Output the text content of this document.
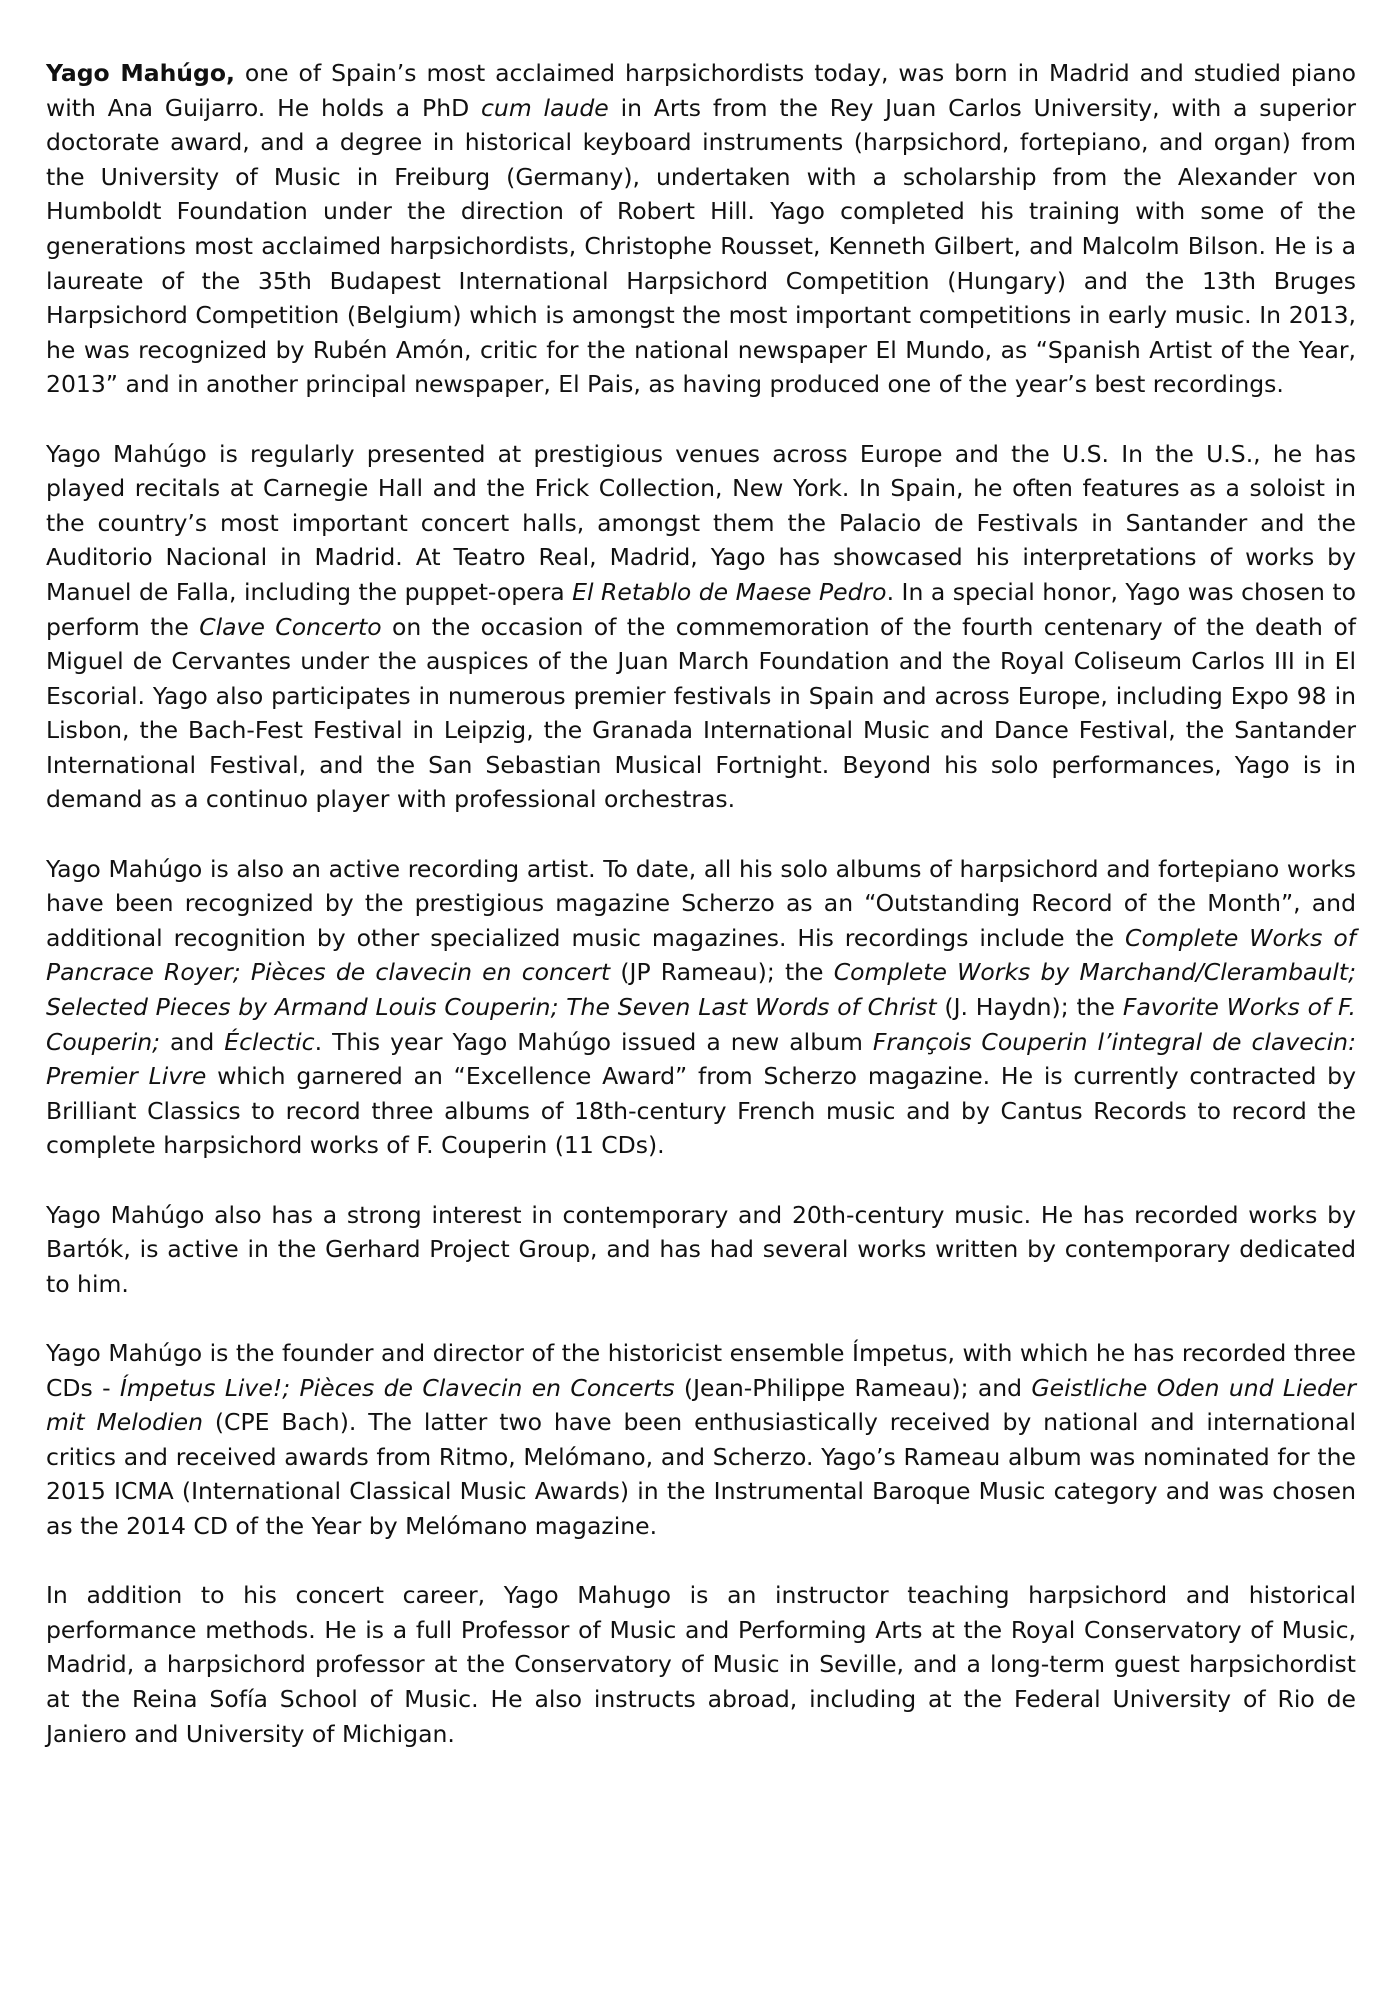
Yago Mahúgo, one of Spain’s most acclaimed harpsichordists today, was born in Madrid and studied piano with Ana Guijarro. He holds a PhD cum laude in Arts from the Rey Juan Carlos University, with a superior doctorate award, and a degree in historical keyboard instruments (harpsichord, fortepiano, and organ) from the University of Music in Freiburg (Germany), undertaken with a scholarship from the Alexander von Humboldt Foundation under the direction of Robert Hill. Yago completed his training with some of the generations most acclaimed harpsichordists, Christophe Rousset, Kenneth Gilbert, and Malcolm Bilson. He is a laureate of the 35th Budapest International Harpsichord Competition (Hungary) and the 13th Bruges Harpsichord Competition (Belgium) which is amongst the most important competitions in early music. In 2013, he was recognized by Rubén Amón, critic for the national newspaper El Mundo, as “Spanish Artist of the Year, 2013” and in another principal newspaper, El Pais, as having produced one of the year’s best recordings.

Yago Mahúgo is regularly presented at prestigious venues across Europe and the U.S. In the U.S., he has played recitals at Carnegie Hall and the Frick Collection, New York. In Spain, he often features as a soloist in the country’s most important concert halls, amongst them the Palacio de Festivals in Santander and the Auditorio Nacional in Madrid. At Teatro Real, Madrid, Yago has showcased his interpretations of works by Manuel de Falla, including the puppet-opera El Retablo de Maese Pedro. In a special honor, Yago was chosen to perform the Clave Concerto on the occasion of the commemoration of the fourth centenary of the death of Miguel de Cervantes under the auspices of the Juan March Foundation and the Royal Coliseum Carlos III in El Escorial. Yago also participates in numerous premier festivals in Spain and across Europe, including Expo 98 in Lisbon, the Bach-Fest Festival in Leipzig, the Granada International Music and Dance Festival, the Santander International Festival, and the San Sebastian Musical Fortnight. Beyond his solo performances, Yago is in demand as a continuo player with professional orchestras.

Yago Mahúgo is also an active recording artist. To date, all his solo albums of harpsichord and fortepiano works have been recognized by the prestigious magazine Scherzo as an “Outstanding Record of the Month”, and additional recognition by other specialized music magazines. His recordings include the Complete Works of Pancrace Royer; Pièces de clavecin en concert (JP Rameau); the Complete Works by Marchand/Clerambault; Selected Pieces by Armand Louis Couperin; The Seven Last Words of Christ (J. Haydn); the Favorite Works of F. Couperin; and Éclectic. This year Yago Mahúgo issued a new album François Couperin l’integral de clavecin: Premier Livre which garnered an “Excellence Award” from Scherzo magazine. He is currently contracted by Brilliant Classics to record three albums of 18th-century French music and by Cantus Records to record the complete harpsichord works of F. Couperin (11 CDs).

Yago Mahúgo also has a strong interest in contemporary and 20th-century music. He has recorded works by Bartók, is active in the Gerhard Project Group, and has had several works written by contemporary dedicated to him.

Yago Mahúgo is the founder and director of the historicist ensemble Ímpetus, with which he has recorded three CDs - Ímpetus Live!; Pièces de Clavecin en Concerts (Jean-Philippe Rameau); and Geistliche Oden und Lieder mit Melodien (CPE Bach). The latter two have been enthusiastically received by national and international critics and received awards from Ritmo, Melómano, and Scherzo. Yago’s Rameau album was nominated for the 2015 ICMA (International Classical Music Awards) in the Instrumental Baroque Music category and was chosen as the 2014 CD of the Year by Melómano magazine.

In addition to his concert career, Yago Mahugo is an instructor teaching harpsichord and historical performance methods. He is a full Professor of Music and Performing Arts at the Royal Conservatory of Music, Madrid, a harpsichord professor at the Conservatory of Music in Seville, and a long-term guest harpsichordist at the Reina Sofía School of Music. He also instructs abroad, including at the Federal University of Rio de Janiero and University of Michigan.
